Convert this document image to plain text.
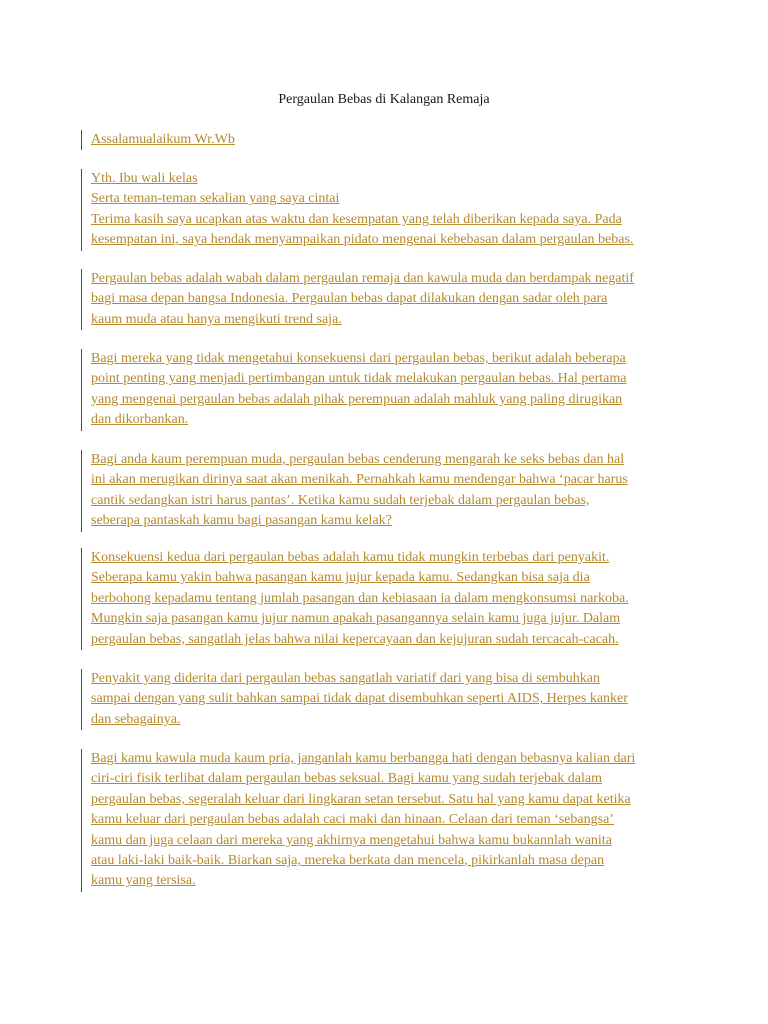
Pergaulan Bebas di Kalangan Remaja
Assalamualaikum Wr.Wb
Yth. Ibu wali kelas
Serta teman-teman sekalian yang saya cintai
Terima kasih saya ucapkan atas waktu dan kesempatan yang telah diberikan kepada saya. Pada
kesempatan ini, saya hendak menyampaikan pidato mengenai kebebasan dalam pergaulan bebas.
Pergaulan bebas adalah wabah dalam pergaulan remaja dan kawula muda dan berdampak negatif
bagi masa depan bangsa Indonesia. Pergaulan bebas dapat dilakukan dengan sadar oleh para
kaum muda atau hanya mengikuti trend saja.
Bagi mereka yang tidak mengetahui konsekuensi dari pergaulan bebas, berikut adalah beberapa
point penting yang menjadi pertimbangan untuk tidak melakukan pergaulan bebas. Hal pertama
yang mengenai pergaulan bebas adalah pihak perempuan adalah mahluk yang paling dirugikan
dan dikorbankan.
Bagi anda kaum perempuan muda, pergaulan bebas cenderung mengarah ke seks bebas dan hal
ini akan merugikan dirinya saat akan menikah. Pernahkah kamu mendengar bahwa ‘pacar harus
cantik sedangkan istri harus pantas’. Ketika kamu sudah terjebak dalam pergaulan bebas,
seberapa pantaskah kamu bagi pasangan kamu kelak?
Konsekuensi kedua dari pergaulan bebas adalah kamu tidak mungkin terbebas dari penyakit.
Seberapa kamu yakin bahwa pasangan kamu jujur kepada kamu. Sedangkan bisa saja dia
berbohong kepadamu tentang jumlah pasangan dan kebiasaan ia dalam mengkonsumsi narkoba.
Mungkin saja pasangan kamu jujur namun apakah pasangannya selain kamu juga jujur. Dalam
pergaulan bebas, sangatlah jelas bahwa nilai kepercayaan dan kejujuran sudah tercacah-cacah.
Penyakit yang diderita dari pergaulan bebas sangatlah variatif dari yang bisa di sembuhkan
sampai dengan yang sulit bahkan sampai tidak dapat disembuhkan seperti AIDS, Herpes kanker
dan sebagainya.
Bagi kamu kawula muda kaum pria, janganlah kamu berbangga hati dengan bebasnya kalian dari
ciri-ciri fisik terlibat dalam pergaulan bebas seksual. Bagi kamu yang sudah terjebak dalam
pergaulan bebas, segeralah keluar dari lingkaran setan tersebut. Satu hal yang kamu dapat ketika
kamu keluar dari pergaulan bebas adalah caci maki dan hinaan. Celaan dari teman ‘sebangsa’
kamu dan juga celaan dari mereka yang akhirnya mengetahui bahwa kamu bukannlah wanita
atau laki-laki baik-baik. Biarkan saja, mereka berkata dan mencela, pikirkanlah masa depan
kamu yang tersisa.
